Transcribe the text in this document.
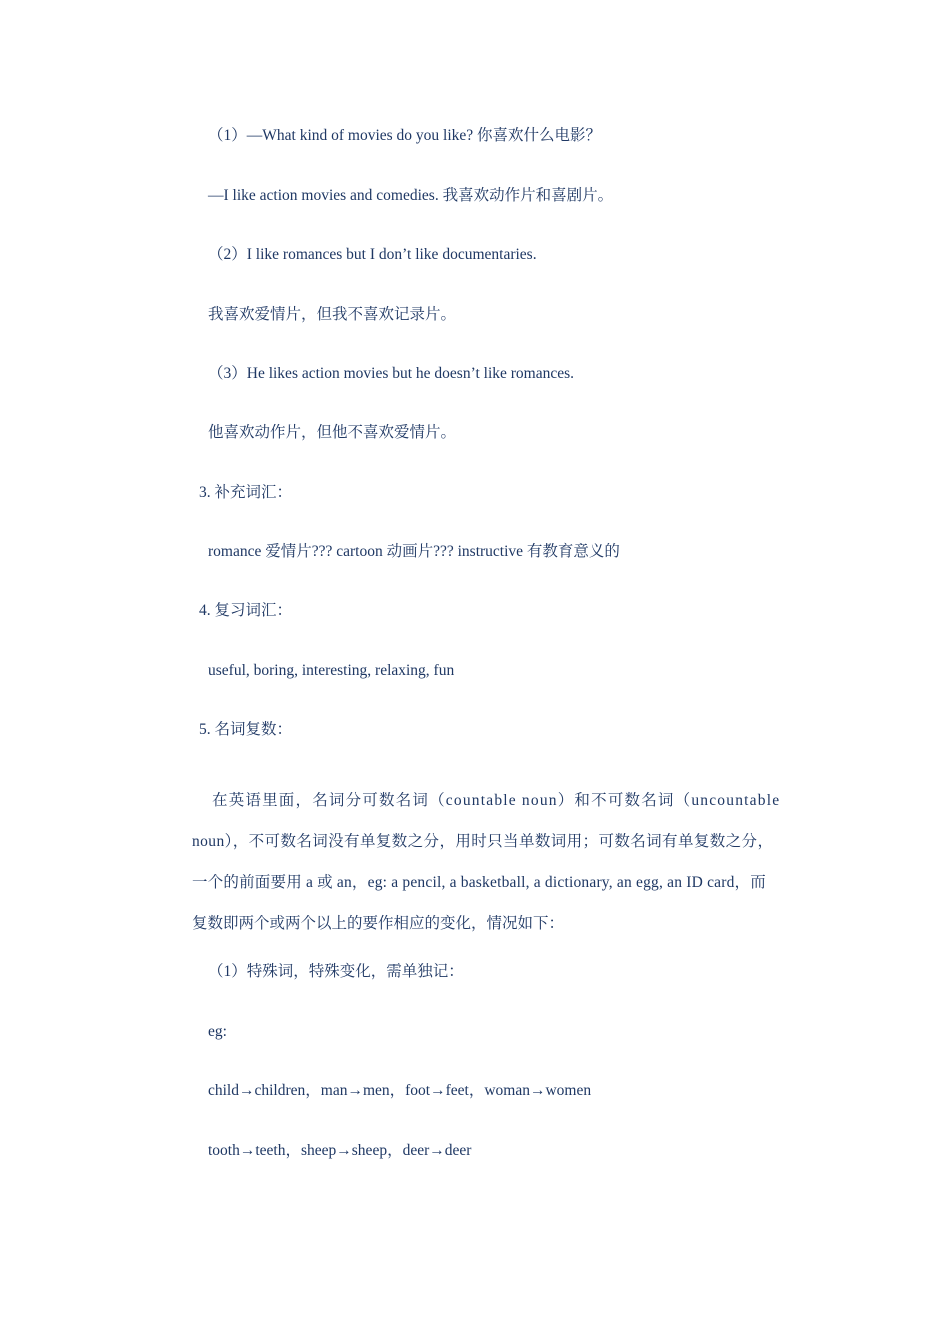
（1）—What kind of movies do you like? 你喜欢什么电影？
—I like action movies and comedies. 我喜欢动作片和喜剧片。
（2）I like romances but I don’t like documentaries.
我喜欢爱情片，但我不喜欢记录片。
（3）He likes action movies but he doesn’t like romances.
他喜欢动作片，但他不喜欢爱情片。
3. 补充词汇：
romance 爱情片??? cartoon 动画片??? instructive 有教育意义的
4. 复习词汇：
useful, boring, interesting, relaxing, fun
5. 名词复数：
在英语里面，名词分可数名词（countable noun）和不可数名词（uncountable
noun），不可数名词没有单复数之分，用时只当单数词用；可数名词有单复数之分，
一个的前面要用 a 或 an，eg: a pencil, a basketball, a dictionary, an egg, an ID card，而
复数即两个或两个以上的要作相应的变化，情况如下：
（1）特殊词，特殊变化，需单独记：
eg:
child→children，man→men，foot→feet，woman→women
tooth→teeth，sheep→sheep，deer→deer
